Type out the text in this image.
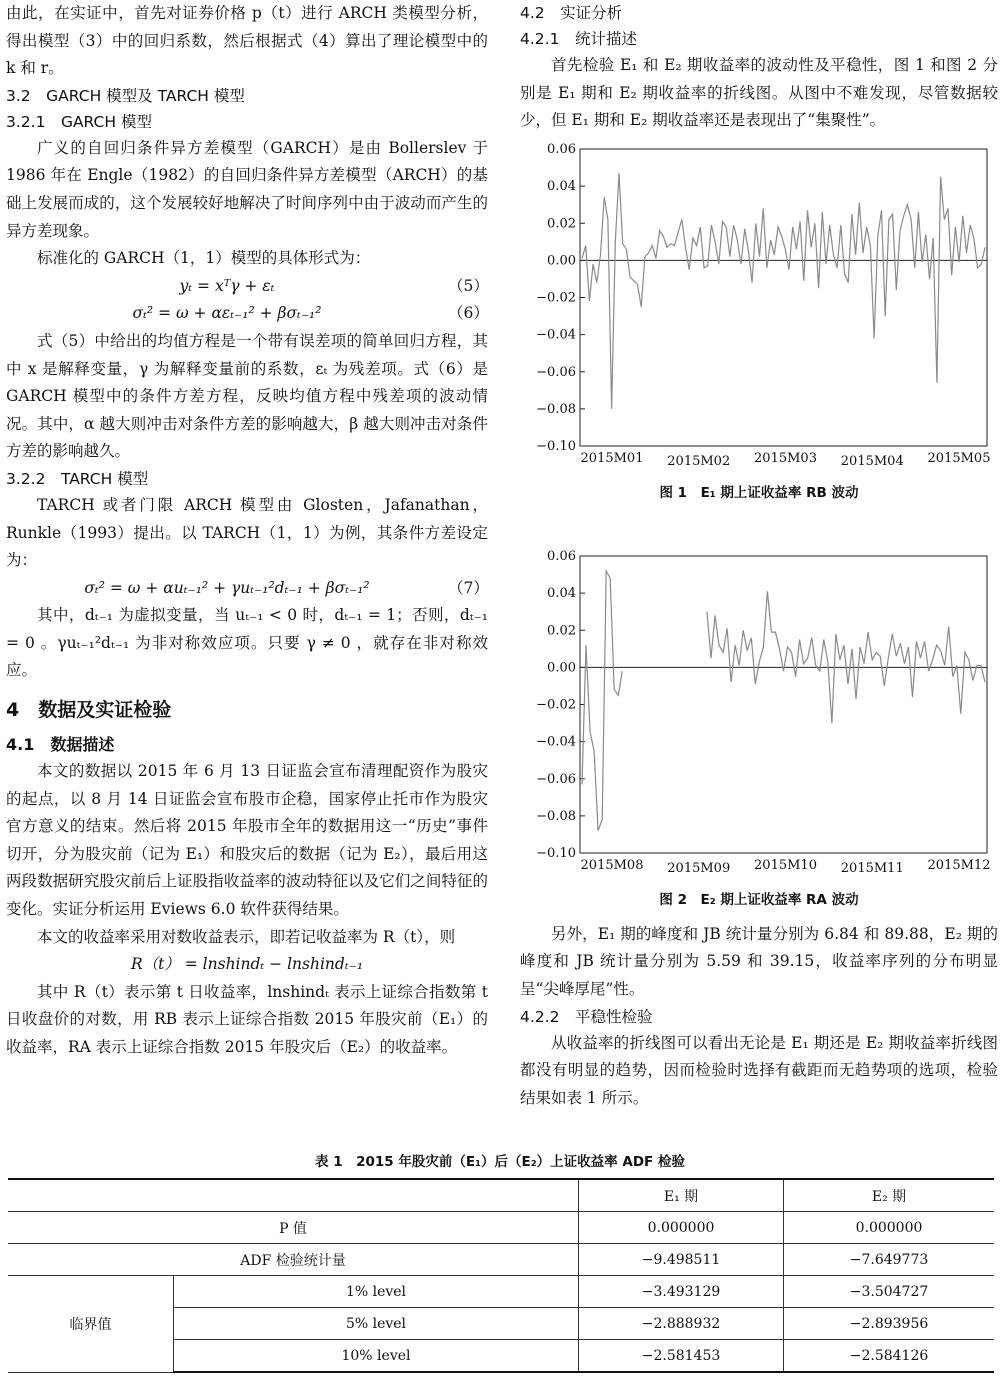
由此，在实证中，首先对证券价格 p（t）进行 ARCH 类模型分析，得出模型（3）中的回归系数，然后根据式（4）算出了理论模型中的 k 和 r。

3.2　GARCH 模型及 TARCH 模型
3.2.1　GARCH 模型

广义的自回归条件异方差模型（GARCH）是由 Bollerslev 于 1986 年在 Engle（1982）的自回归条件异方差模型（ARCH）的基础上发展而成的，这个发展较好地解决了时间序列中由于波动而产生的异方差现象。

标准化的 GARCH（1，1）模型的具体形式为：

yₜ = xᵀγ + εₜ	（5）
σₜ² = ω + αεₜ₋₁² + βσₜ₋₁²	（6）

式（5）中给出的均值方程是一个带有误差项的简单回归方程，其中 x 是解释变量，γ 为解释变量前的系数，εₜ 为残差项。式（6）是 GARCH 模型中的条件方差方程，反映均值方程中残差项的波动情况。其中，α 越大则冲击对条件方差的影响越大，β 越大则冲击对条件方差的影响越久。

3.2.2　TARCH 模型

TARCH 或者门限 ARCH 模型由 Glosten，Jafanathan，Runkle（1993）提出。以 TARCH（1，1）为例，其条件方差设定为：

σₜ² = ω + αuₜ₋₁² + γuₜ₋₁²dₜ₋₁ + βσₜ₋₁²	（7）

其中，dₜ₋₁ 为虚拟变量，当 uₜ₋₁ < 0 时，dₜ₋₁ = 1；否则，dₜ₋₁ = 0 。γuₜ₋₁²dₜ₋₁ 为非对称效应项。只要 γ ≠ 0 ，就存在非对称效应。

4　数据及实证检验
4.1　数据描述

本文的数据以 2015 年 6 月 13 日证监会宣布清理配资作为股灾的起点，以 8 月 14 日证监会宣布股市企稳，国家停止托市作为股灾官方意义的结束。然后将 2015 年股市全年的数据用这一“历史”事件切开，分为股灾前（记为 E₁）和股灾后的数据（记为 E₂），最后用这两段数据研究股灾前后上证股指收益率的波动特征以及它们之间特征的变化。实证分析运用 Eviews 6.0 软件获得结果。

本文的收益率采用对数收益表示，即若记收益率为 R（t），则

R（t） = lnshindₜ − lnshindₜ₋₁

其中 R（t）表示第 t 日收益率，lnshindₜ 表示上证综合指数第 t 日收盘价的对数，用 RB 表示上证综合指数 2015 年股灾前（E₁）的收益率，RA 表示上证综合指数 2015 年股灾后（E₂）的收益率。

4.2　实证分析
4.2.1　统计描述

首先检验 E₁ 和 E₂ 期收益率的波动性及平稳性，图 1 和图 2 分别是 E₁ 期和 E₂ 期收益率的折线图。从图中不难发现，尽管数据较少，但 E₁ 期和 E₂ 期收益率还是表现出了“集聚性”。

0.06
0.04
0.02
0.00
−0.02
−0.04
−0.06
−0.08
−0.10
2015M01 2015M02 2015M03 2015M04 2015M05
图 1　E₁ 期上证收益率 RB 波动
0.06
0.04
0.02
0.00
−0.02
−0.04
−0.06
−0.08
−0.10
2015M08 2015M09 2015M10 2015M11 2015M12
图 2　E₂ 期上证收益率 RA 波动

另外，E₁ 期的峰度和 JB 统计量分别为 6.84 和 89.88，E₂ 期的峰度和 JB 统计量分别为 5.59 和 39.15，收益率序列的分布明显呈“尖峰厚尾”性。

4.2.2　平稳性检验

从收益率的折线图可以看出无论是 E₁ 期还是 E₂ 期收益率折线图都没有明显的趋势，因而检验时选择有截距而无趋势项的选项，检验结果如表 1 所示。

表 1　2015 年股灾前（E₁）后（E₂）上证收益率 ADF 检验
		E₁ 期	E₂ 期
P 值		0.000000	0.000000
ADF 检验统计量		−9.498511	−7.649773
临界值	1% level	−3.493129	−3.504727
	5% level	−2.888932	−2.893956
	10% level	−2.581453	−2.584126
